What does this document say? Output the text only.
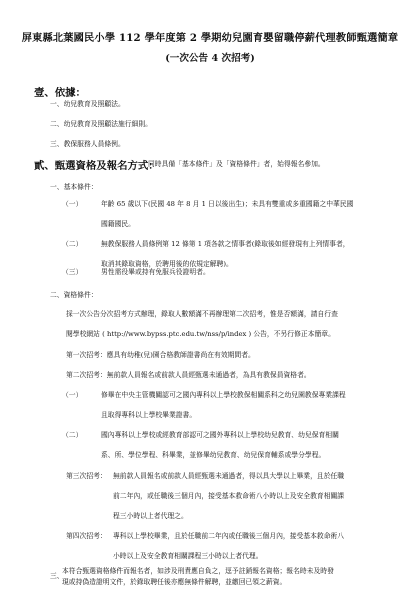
屏東縣北葉國民小學 112 學年度第 2 學期幼兒園育嬰留職停薪代理教師甄選簡章
(一次公告 4 次招考)
壹、依據：
一、幼兒教育及照顧法。
二、幼兒教育及照顧法施行細則。
三、教保服務人員條例。
貳、甄選資格及報名方式：
同時具備「基本條件」及「資格條件」者，始得報名參加。
一、基本條件：
（一）	年齡 65 歲以下(民國 48 年 8 月 1 日以後出生)；未具有雙重或多重國籍之中華民國
國籍國民。
（二）	無教保服務人員條例第 12 條第 1 項各款之情事者(錄取後如經發現有上列情事者，
取消其錄取資格，於聘用後的依規定解聘)。
（三）	男性需役畢或持有免服兵役證明者。
二、資格條件：
採一次公告分次招考方式辦理，錄取人數額滿不再辦理第二次招考，惟是否額滿，請自行查
閱學校網站 ( http://www.bypss.ptc.edu.tw/nss/p/index ) 公告，不另行修正本簡章。
第一次招考：應具有幼稚(兒)園合格教師證書尚在有效期間者。
第二次招考：無前款人員報名或前款人員經甄選未通過者，為具有教保員資格者。
（一）	修畢在中央主管機關認可之國內專科以上學校教保相關系科之幼兒園教保專業課程
且取得專科以上學校畢業證書。
（二）	國內專科以上學校或經教育部認可之國外專科以上學校幼兒教育、幼兒保育相關
系、所、學位學程、科畢業，並修畢幼兒教育、幼兒保育輔系或學分學程。
第三次招考： 無前款人員報名或前款人員經甄選未通過者，得以具大學以上畢業，且於任職
前二年內，或任職後三個月內，接受基本救命術八小時以上及安全教育相關課
程三小時以上者代理之。
第四次招考： 專科以上學校畢業，且於任職前二年內或任職後三個月內，接受基本救命術八
小時以上及安全教育相關課程三小時以上者代理。
三、
本符合甄選資格條件而報名者，如涉及刑責應自負之，逕予註銷報名資格；報名時未及時發
現或持偽造證明文件，於錄取聘任後亦應無條件解聘，並繳回已領之薪資。
